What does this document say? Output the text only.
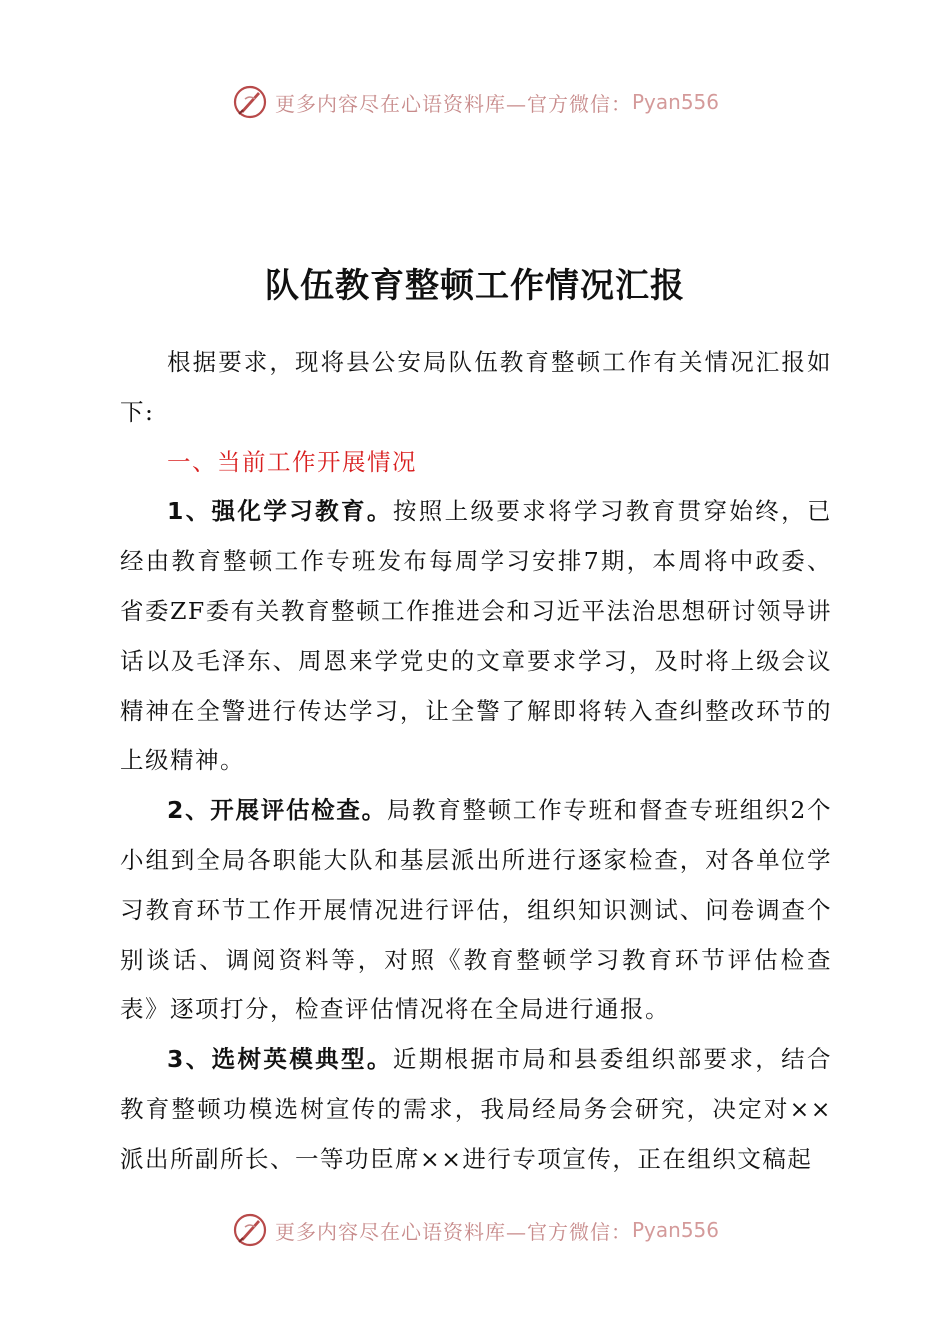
更多内容尽在心语资料库—官方微信： Pyan556
队伍教育整顿工作情况汇报

根据要求，现将县公安局队伍教育整顿工作有关情况汇报如下:

一、当前工作开展情况

1、强化学习教育。按照上级要求将学习教育贯穿始终，已经由教育整顿工作专班发布每周学习安排7期，本周将中政委、省委ZF委有关教育整顿工作推进会和习近平法治思想研讨领导讲话以及毛泽东、周恩来学党史的文章要求学习，及时将上级会议精神在全警进行传达学习，让全警了解即将转入查纠整改环节的上级精神。

2、开展评估检查。局教育整顿工作专班和督查专班组织2个小组到全局各职能大队和基层派出所进行逐家检查，对各单位学习教育环节工作开展情况进行评估，组织知识测试、问卷调查个别谈话、调阅资料等，对照《教育整顿学习教育环节评估检查表》逐项打分，检查评估情况将在全局进行通报。

3、选树英模典型。近期根据市局和县委组织部要求，结合教育整顿功模选树宣传的需求，我局经局务会研究，决定对××派出所副所长、一等功臣席××进行专项宣传，正在组织文稿起

更多内容尽在心语资料库—官方微信： Pyan556
